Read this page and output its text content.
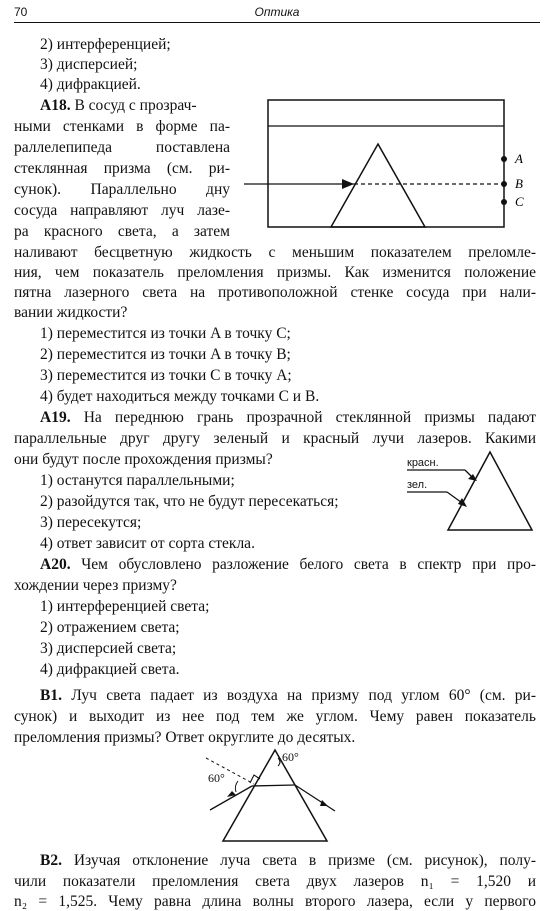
70	Оптика
2) интерференцией;
3) дисперсией;
4) дифракцией.
A18. В сосуд с прозрач-
ными стенками в форме па-
раллелепипеда поставлена
стеклянная призма (см. ри-
сунок). Параллельно дну
сосуда направляют луч лазе-
ра красного света, а затем
наливают бесцветную жидкость с меньшим показателем преломле-
ния, чем показатель преломления призмы. Как изменится положение
пятна лазерного света на противоположной стенке сосуда при нали-
вании жидкости?
1) переместится из точки A в точку C;
2) переместится из точки A в точку B;
3) переместится из точки C в точку A;
4) будет находиться между точками C и B.
A
B
C
A19. На переднюю грань прозрачной стеклянной призмы падают
параллельные друг другу зеленый и красный лучи лазеров. Какими
они будут после прохождения призмы?
1) останутся параллельными;
2) разойдутся так, что не будут пересекаться;
3) пересекутся;
4) ответ зависит от сорта стекла.
красн.
зел.
A20. Чем обусловлено разложение белого света в спектр при про-
хождении через призму?
1) интерференцией света;
2) отражением света;
3) дисперсией света;
4) дифракцией света.
B1. Луч света падает из воздуха на призму под углом 60° (см. ри-
сунок) и выходит из нее под тем же углом. Чему равен показатель
преломления призмы? Ответ округлите до десятых.
60°
60°
B2. Изучая отклонение луча света в призме (см. рисунок), полу-
чили показатели преломления света двух лазеров n₁ = 1,520 и
n₂ = 1,525. Чему равна длина волны второго лазера, если у первого
